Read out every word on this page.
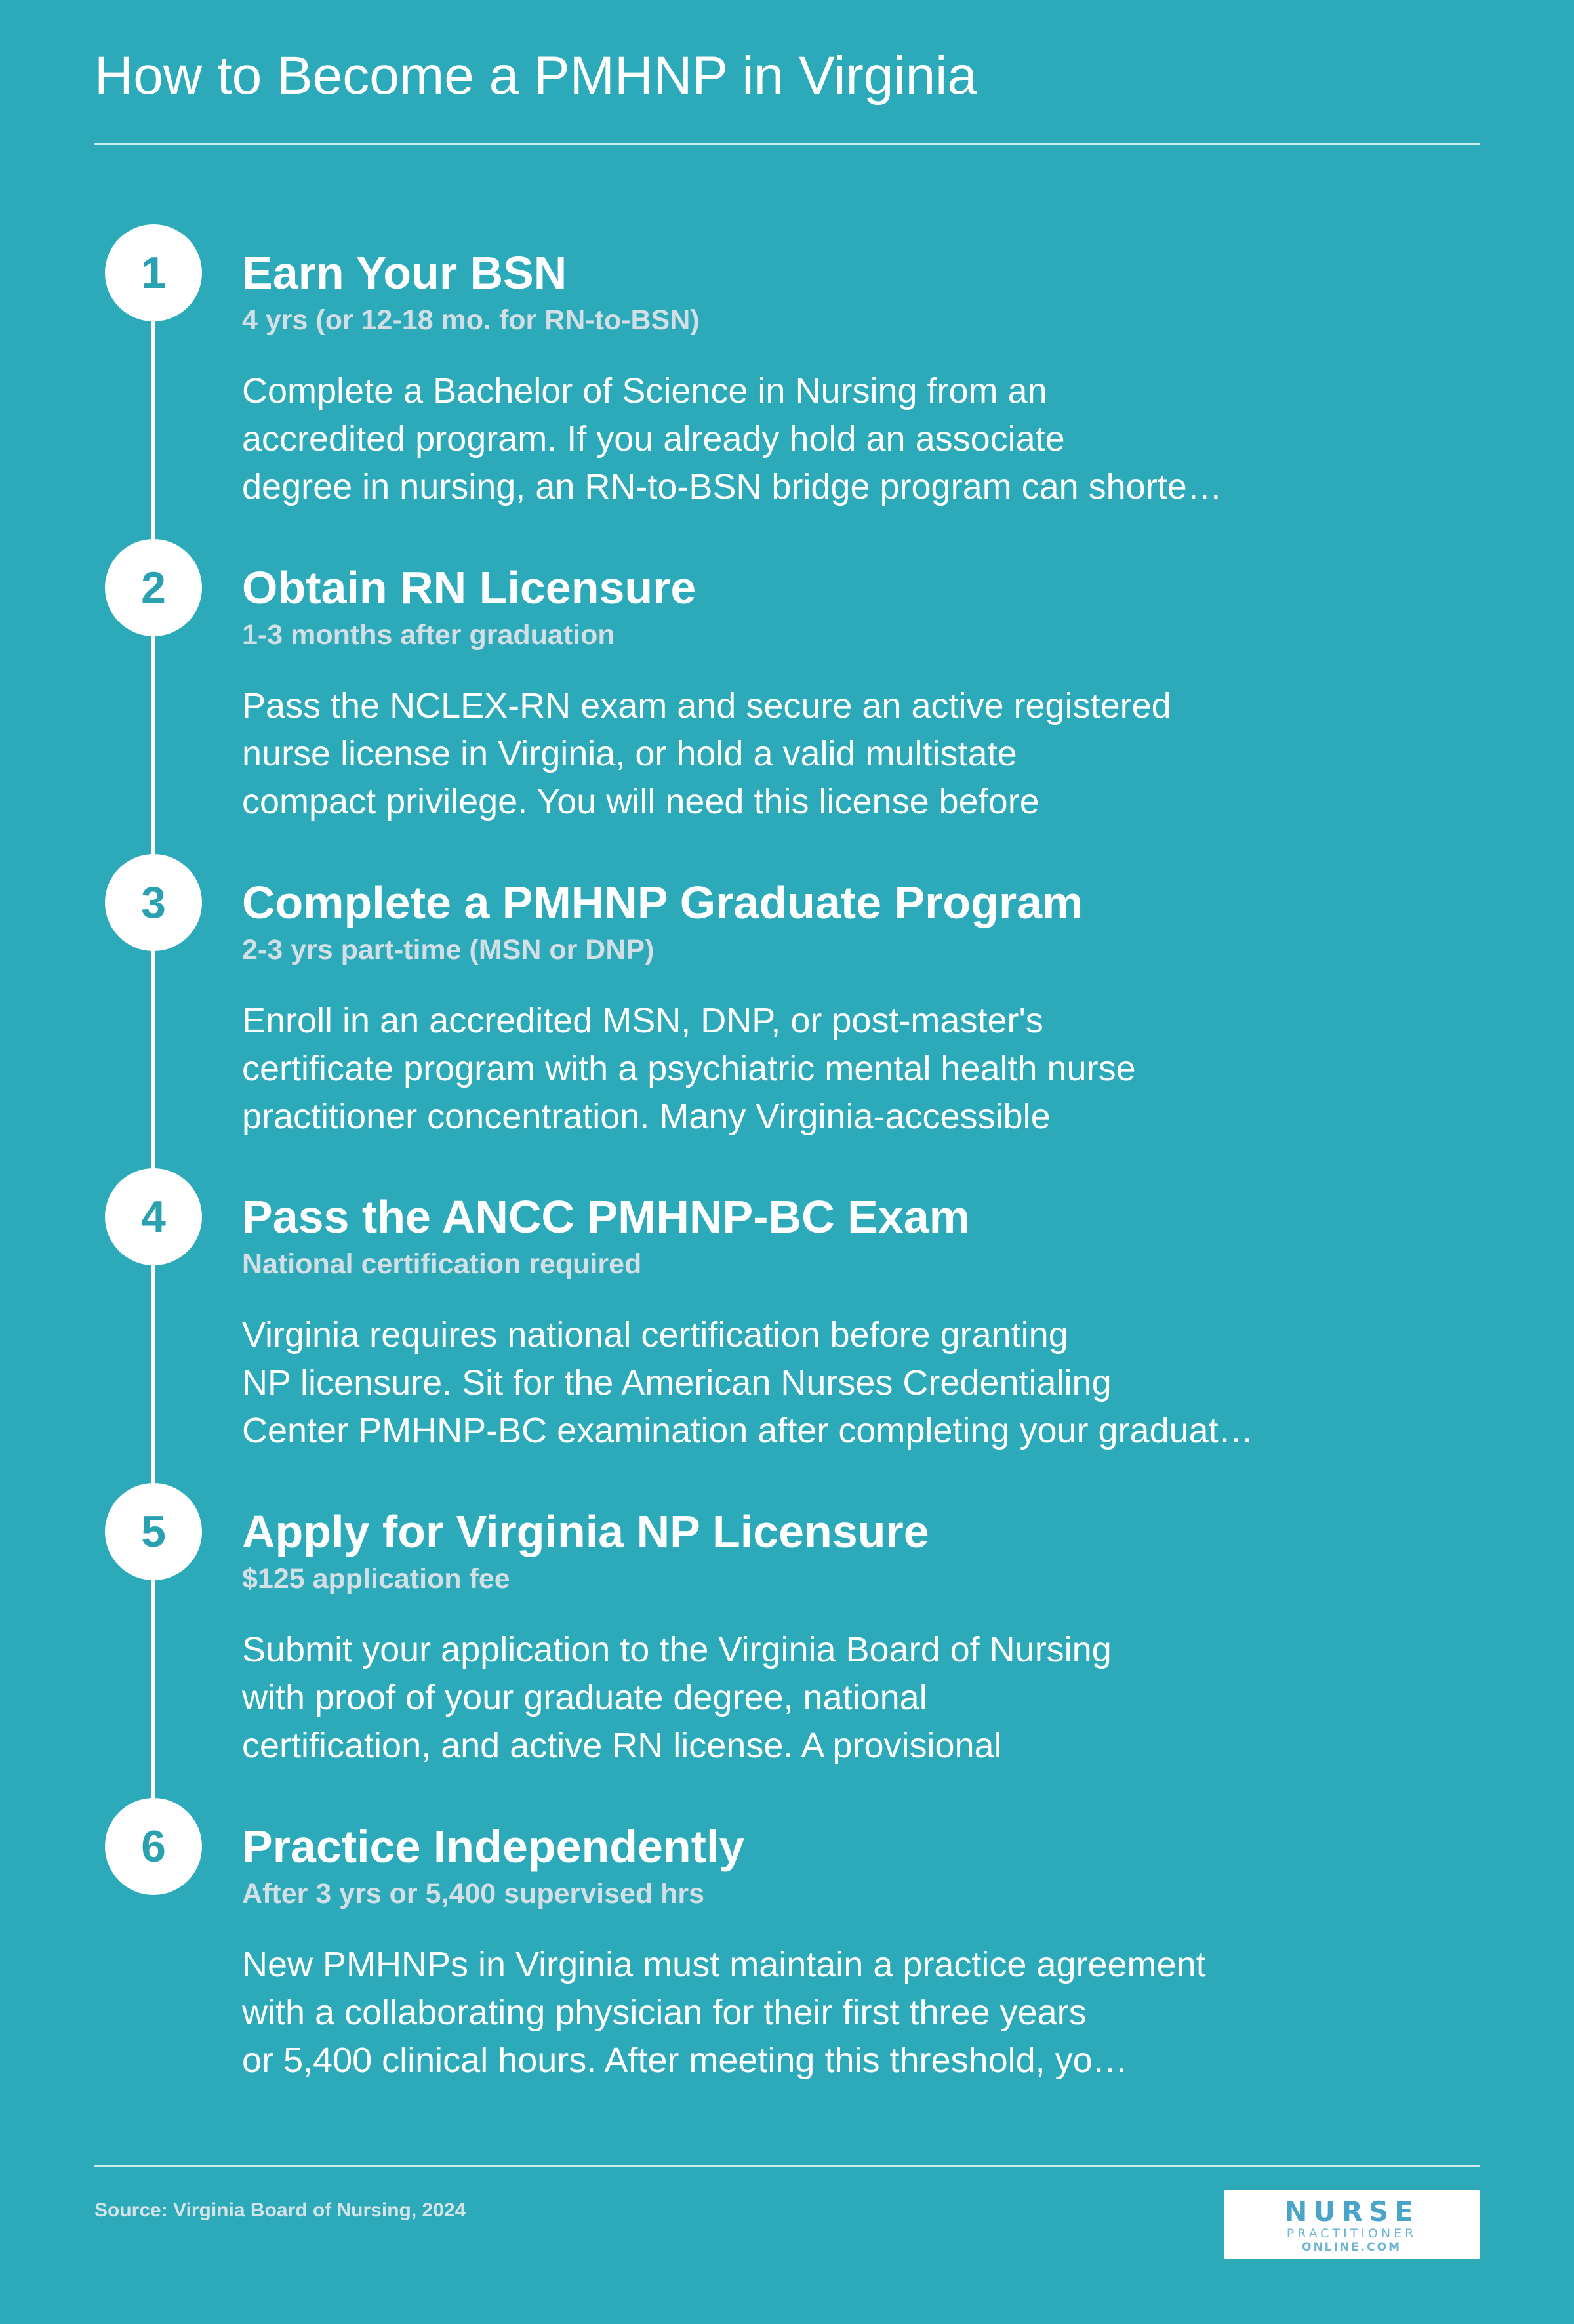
How to Become a PMHNP in Virginia
1	Earn Your BSN
4 yrs (or 12-18 mo. for RN-to-BSN)
Complete a Bachelor of Science in Nursing from an
accredited program. If you already hold an associate
degree in nursing, an RN-to-BSN bridge program can shorte…
2	Obtain RN Licensure
1-3 months after graduation
Pass the NCLEX-RN exam and secure an active registered
nurse license in Virginia, or hold a valid multistate
compact privilege. You will need this license before
3	Complete a PMHNP Graduate Program
2-3 yrs part-time (MSN or DNP)
Enroll in an accredited MSN, DNP, or post-master's
certificate program with a psychiatric mental health nurse
practitioner concentration. Many Virginia-accessible
4	Pass the ANCC PMHNP-BC Exam
National certification required
Virginia requires national certification before granting
NP licensure. Sit for the American Nurses Credentialing
Center PMHNP-BC examination after completing your graduat…
5	Apply for Virginia NP Licensure
$125 application fee
Submit your application to the Virginia Board of Nursing
with proof of your graduate degree, national
certification, and active RN license. A provisional
6	Practice Independently
After 3 yrs or 5,400 supervised hrs
New PMHNPs in Virginia must maintain a practice agreement
with a collaborating physician for their first three years
or 5,400 clinical hours. After meeting this threshold, yo…
Source: Virginia Board of Nursing, 2024	NURSE
PRACTITIONER
ONLINE.COM
